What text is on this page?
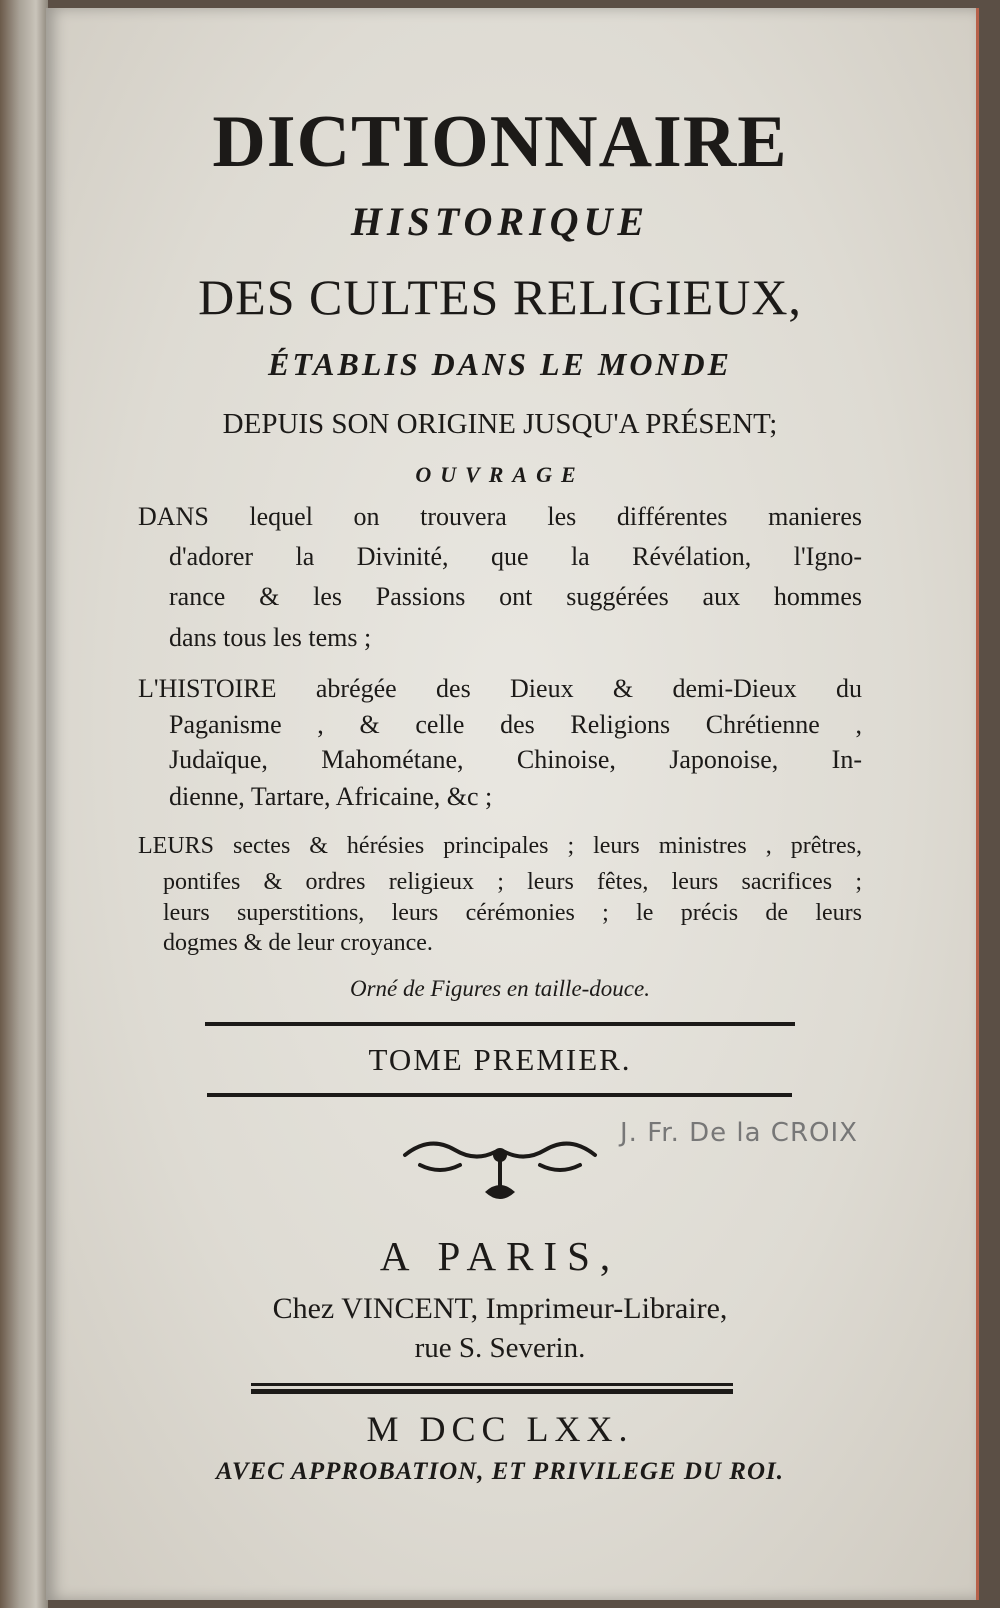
DICTIONNAIRE
HISTORIQUE
DES CULTES RELIGIEUX,
ÉTABLIS DANS LE MONDE
DEPUIS SON ORIGINE JUSQU'A PRÉSENT;
OUVRAGE
DANS lequel on trouvera les différentes manieres
d'adorer la Divinité, que la Révélation, l'Igno-
rance & les Passions ont suggérées aux hommes
dans tous les tems ;
L'HISTOIRE abrégée des Dieux & demi-Dieux du
Paganisme , & celle des Religions Chrétienne ,
Judaïque, Mahométane, Chinoise, Japonoise, In-
dienne, Tartare, Africaine, &c ;
LEURS sectes & hérésies principales ; leurs ministres , prêtres,
pontifes & ordres religieux ; leurs fêtes, leurs sacrifices ;
leurs superstitions, leurs cérémonies ; le précis de leurs
dogmes & de leur croyance.
Orné de Figures en taille-douce.
TOME PREMIER.
J. Fr. De la CROIX
A PARIS,
Chez VINCENT, Imprimeur-Libraire,
rue S. Severin.
M DCC LXX.
AVEC APPROBATION, ET PRIVILEGE DU ROI.
